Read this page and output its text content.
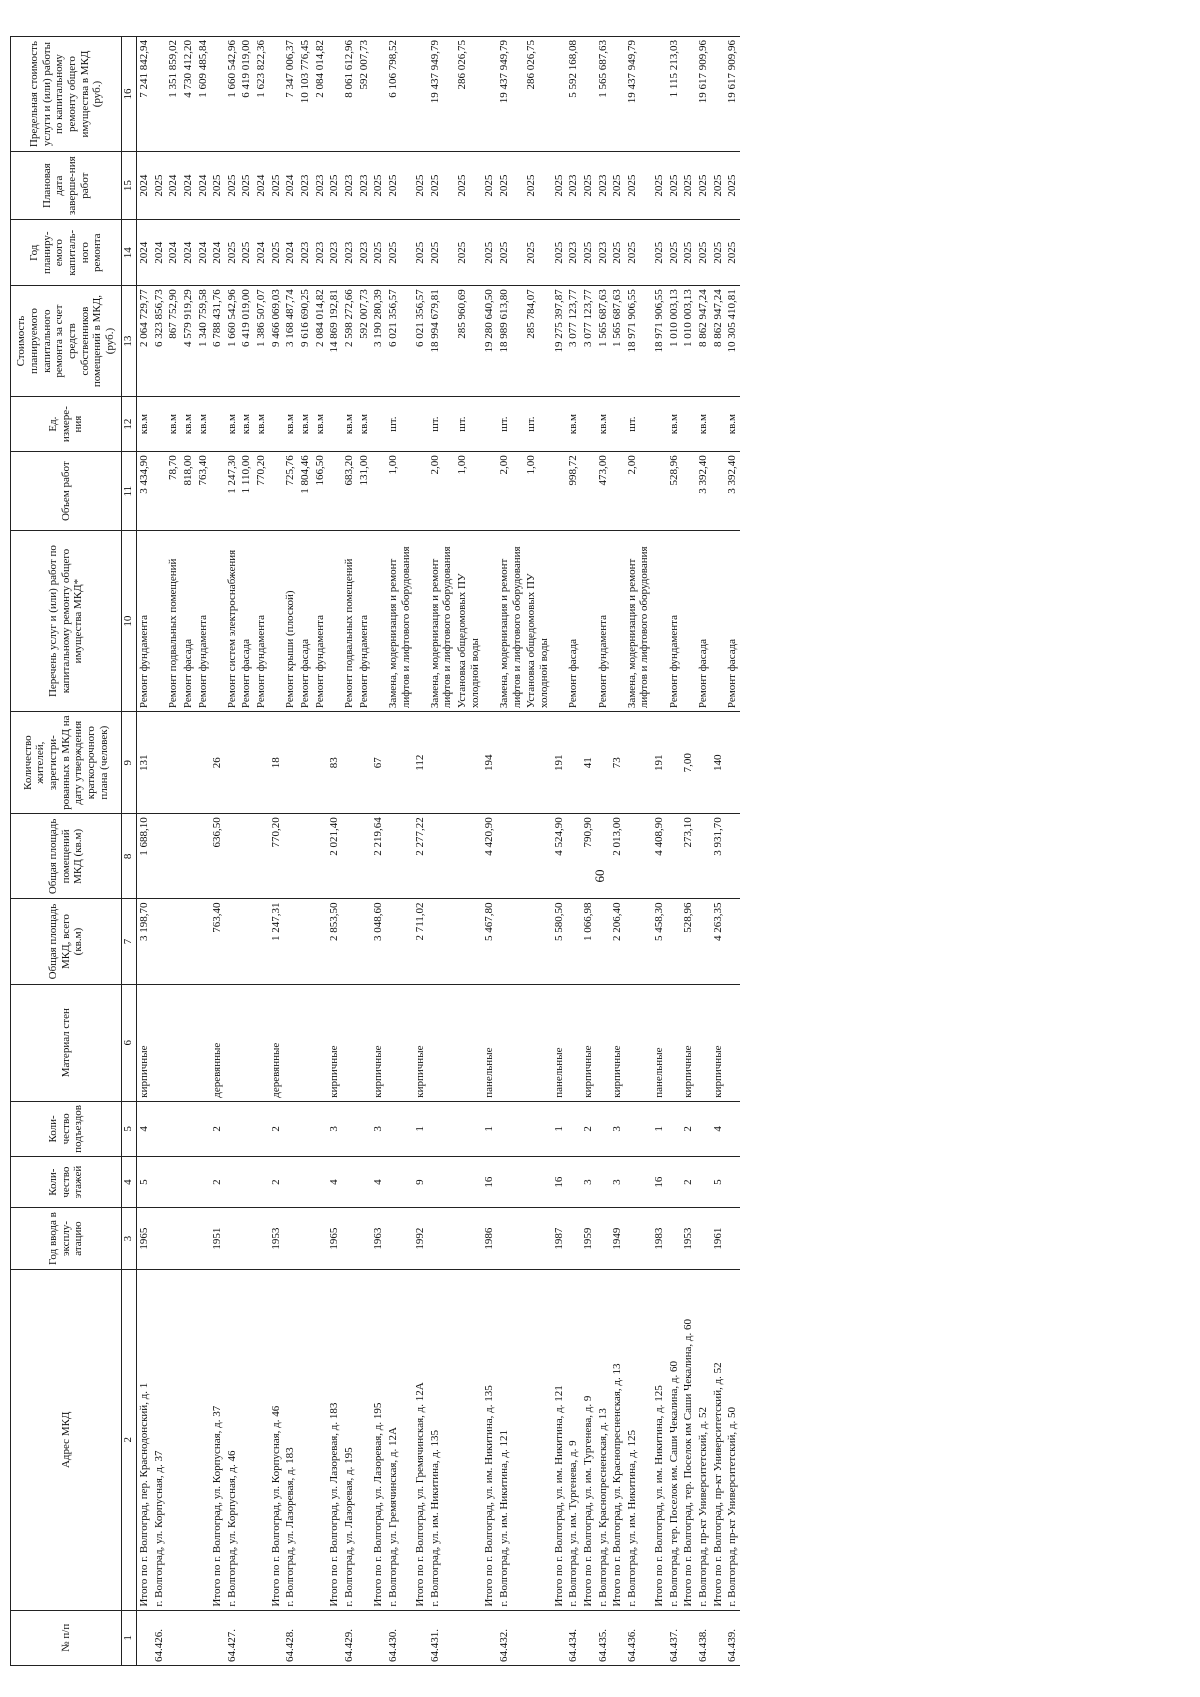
60
№ п/п	Адрес МКД	Год ввода в эксплу-атацию	Коли-чество этажей	Коли-чество подъездов	Материал стен	Общая площадь МКД, всего (кв.м)	Общая площадь помещений МКД (кв.м)	Количество жителей, зарегистри-рованных в МКД на дату утверждения краткосрочного плана (человек)	Перечень услуг и (или) работ по капитальному ремонту общего имущества МКД*	Объем работ	Ед. измере-ния	Стоимость планируемого капитального ремонта за счет средств собственников помещений в МКД, (руб.)	Год планиру-емого капиталь-ного ремонта	Плановая дата заверше-ния работ	Предельная стоимость услуги и (или) работы по капитальному ремонту общего имущества в МКД (руб.)
1	2	3	4	5	6	7	8	9	10	11	12	13	14	15	16
	Итого по г. Волгоград, пер. Краснодонский, д. 1	1965	5	4	кирпичные	3 198,70	1 688,10	131	Ремонт фундамента	3 434,90	кв.м	2 064 729,77	2024	2024	7 241 842,94
64.426.	г. Волгоград, ул. Корпусная, д. 37											6 323 856,73	2024	2025	
									Ремонт подвальных помещений	78,70	кв.м	867 752,90	2024	2024	1 351 859,02
									Ремонт фасада	818,00	кв.м	4 579 919,29	2024	2024	4 730 412,20
									Ремонт фундамента	763,40	кв.м	1 340 759,58	2024	2024	1 609 485,84
	Итого по г. Волгоград, ул. Корпусная, д. 37	1951	2	2	деревянные	763,40	636,50	26				6 788 431,76	2024	2025	
64.427.	г. Волгоград, ул. Корпусная, д. 46								Ремонт систем электроснабжения	1 247,30	кв.м	1 660 542,96	2025	2025	1 660 542,96
									Ремонт фасада	1 110,00	кв.м	6 419 019,00	2025	2025	6 419 019,00
									Ремонт фундамента	770,20	кв.м	1 386 507,07	2024	2024	1 623 822,36
	Итого по г. Волгоград, ул. Корпусная, д. 46	1953	2	2	деревянные	1 247,31	770,20	18				9 466 069,03	2025	2025	
64.428.	г. Волгоград, ул. Лазоревая, д. 183								Ремонт крыши (плоской)	725,76	кв.м	3 168 487,74	2024	2024	7 347 006,37
									Ремонт фасада	1 804,46	кв.м	9 616 690,25	2023	2023	10 103 776,45
									Ремонт фундамента	166,50	кв.м	2 084 014,82	2023	2023	2 084 014,82
	Итого по г. Волгоград, ул. Лазоревая, д. 183	1965	4	3	кирпичные	2 853,50	2 021,40	83				14 869 192,81	2023	2025	
64.429.	г. Волгоград, ул. Лазоревая, д. 195								Ремонт подвальных помещений	683,20	кв.м	2 598 272,66	2023	2023	8 061 612,96
									Ремонт фундамента	131,00	кв.м	592 007,73	2023	2023	592 007,73
	Итого по г. Волгоград, ул. Лазоревая, д. 195	1963	4	3	кирпичные	3 048,60	2 219,64	67				3 190 280,39	2025	2025	
64.430.	г. Волгоград, ул. Гремячинская, д. 12А								Замена, модернизация и ремонт лифтов и лифтового оборудования	1,00	шт.	6 021 356,57	2025	2025	6 106 798,52
	Итого по г. Волгоград, ул. Гремячинская, д. 12А	1992	9	1	кирпичные	2 711,02	2 277,22	112				6 021 356,57	2025	2025	
64.431.	г. Волгоград, ул. им. Никитина, д. 135								Замена, модернизация и ремонт лифтов и лифтового оборудования	2,00	шт.	18 994 679,81	2025	2025	19 437 949,79
									Установка общедомовых ПУ холодной воды	1,00	шт.	285 960,69	2025	2025	286 026,75
	Итого по г. Волгоград, ул. им. Никитина, д. 135	1986	16	1	панельные	5 467,80	4 420,90	194				19 280 640,50	2025	2025	
64.432.	г. Волгоград, ул. им. Никитина, д. 121								Замена, модернизация и ремонт лифтов и лифтового оборудования	2,00	шт.	18 989 613,80	2025	2025	19 437 949,79
									Установка общедомовых ПУ холодной воды	1,00	шт.	285 784,07	2025	2025	286 026,75
	Итого по г. Волгоград, ул. им. Никитина, д. 121	1987	16	1	панельные	5 580,50	4 524,90	191				19 275 397,87	2025	2025	
64.434.	г. Волгоград, ул. им. Тургенева, д. 9								Ремонт фасада	998,72	кв.м	3 077 123,77	2023	2023	5 592 168,08
	Итого по г. Волгоград, ул. им. Тургенева, д. 9	1959	3	2	кирпичные	1 066,98	790,90	41				3 077 123,77	2025	2025	
64.435.	г. Волгоград, ул. Краснопресненская, д. 13								Ремонт фундамента	473,00	кв.м	1 565 687,63	2023	2023	1 565 687,63
	Итого по г. Волгоград, ул. Краснопресненская, д. 13	1949	3	3	кирпичные	2 206,40	2 013,00	73				1 565 687,63	2025	2025	
64.436.	г. Волгоград, ул. им. Никитина, д. 125								Замена, модернизация и ремонт лифтов и лифтового оборудования	2,00	шт.	18 971 906,55	2025	2025	19 437 949,79
	Итого по г. Волгоград, ул. им. Никитина, д. 125	1983	16	1	панельные	5 458,30	4 408,90	191				18 971 906,55	2025	2025	
64.437.	г. Волгоград, тер. Поселок им. Саши Чекалина, д. 60								Ремонт фундамента	528,96	кв.м	1 010 003,13	2025	2025	1 115 213,03
	Итого по г. Волгоград, тер. Поселок им Саши Чекалина, д. 60	1953	2	2	кирпичные	528,96	273,10	7,00				1 010 003,13	2025	2025	
64.438.	г. Волгоград, пр-кт Университетский, д. 52								Ремонт фасада	3 392,40	кв.м	8 862 947,24	2025	2025	19 617 909,96
	Итого по г. Волгоград, пр-кт Университетский, д. 52	1961	5	4	кирпичные	4 263,35	3 931,70	140				8 862 947,24	2025	2025	
64.439.	г. Волгоград, пр-кт Университетский, д. 50								Ремонт фасада	3 392,40	кв.м	10 305 410,81	2025	2025	19 617 909,96
